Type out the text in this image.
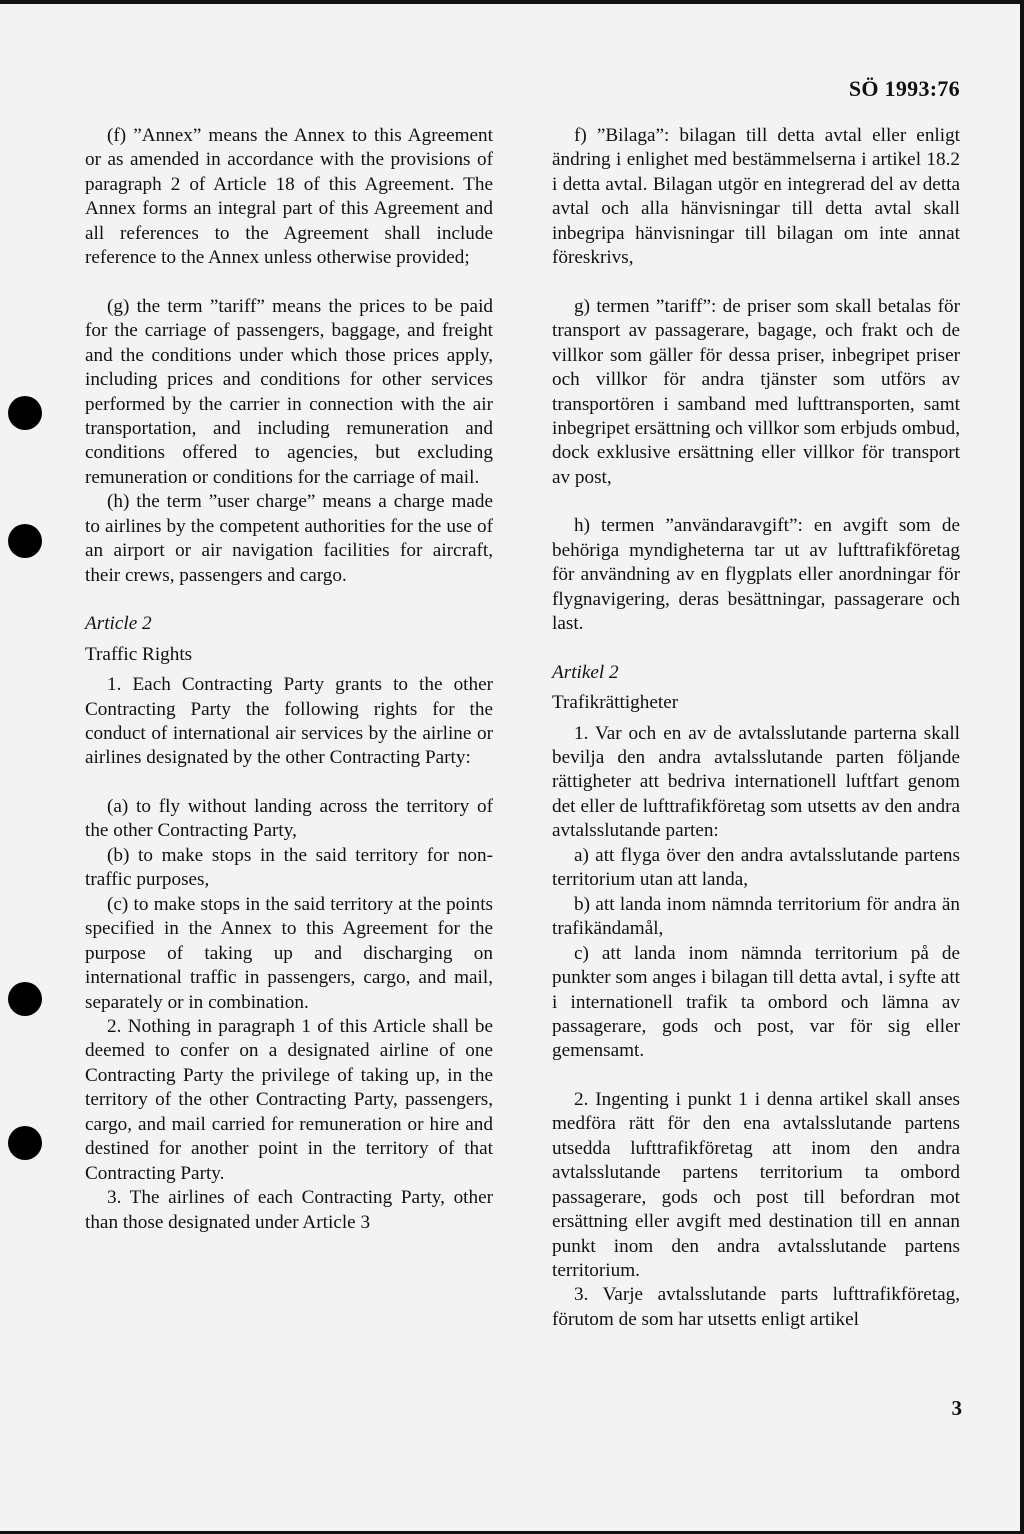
SÖ 1993:76

(f) ”Annex” means the Annex to this Agreement or as amended in accordance with the provisions of paragraph 2 of Article 18 of this Agreement. The Annex forms an integral part of this Agreement and all references to the Agreement shall include reference to the Annex unless otherwise provided;

(g) the term ”tariff” means the prices to be paid for the carriage of passengers, baggage, and freight and the conditions under which those prices apply, including prices and conditions for other services performed by the carrier in connection with the air transportation, and including remuneration and conditions offered to agencies, but excluding remuneration or conditions for the carriage of mail.

(h) the term ”user charge” means a charge made to airlines by the competent authorities for the use of an airport or air navigation facilities for aircraft, their crews, passengers and cargo.

Article 2

Traffic Rights

1. Each Contracting Party grants to the other Contracting Party the following rights for the conduct of international air services by the airline or airlines designated by the other Contracting Party:

(a) to fly without landing across the territory of the other Contracting Party,

(b) to make stops in the said territory for non-traffic purposes,

(c) to make stops in the said territory at the points specified in the Annex to this Agreement for the purpose of taking up and discharging on international traffic in passengers, cargo, and mail, separately or in combination.

2. Nothing in paragraph 1 of this Article shall be deemed to confer on a designated airline of one Contracting Party the privilege of taking up, in the territory of the other Contracting Party, passengers, cargo, and mail carried for remuneration or hire and destined for another point in the territory of that Contracting Party.

3. The airlines of each Contracting Party, other than those designated under Article 3

f) ”Bilaga”: bilagan till detta avtal eller enligt ändring i enlighet med bestämmelserna i artikel 18.2 i detta avtal. Bilagan utgör en integrerad del av detta avtal och alla hänvisningar till detta avtal skall inbegripa hänvisningar till bilagan om inte annat föreskrivs,

g) termen ”tariff”: de priser som skall betalas för transport av passagerare, bagage, och frakt och de villkor som gäller för dessa priser, inbegripet priser och villkor för andra tjänster som utförs av transportören i samband med lufttransporten, samt inbegripet ersättning och villkor som erbjuds ombud, dock exklusive ersättning eller villkor för transport av post,

h) termen ”användaravgift”: en avgift som de behöriga myndigheterna tar ut av lufttrafikföretag för användning av en flygplats eller anordningar för flygnavigering, deras besättningar, passagerare och last.

Artikel 2

Trafikrättigheter

1. Var och en av de avtalsslutande parterna skall bevilja den andra avtalsslutande parten följande rättigheter att bedriva internationell luftfart genom det eller de lufttrafikföretag som utsetts av den andra avtalsslutande parten:

a) att flyga över den andra avtalsslutande partens territorium utan att landa,

b) att landa inom nämnda territorium för andra än trafikändamål,

c) att landa inom nämnda territorium på de punkter som anges i bilagan till detta avtal, i syfte att i internationell trafik ta ombord och lämna av passagerare, gods och post, var för sig eller gemensamt.

2. Ingenting i punkt 1 i denna artikel skall anses medföra rätt för den ena avtalsslutande partens utsedda lufttrafikföretag att inom den andra avtalsslutande partens territorium ta ombord passagerare, gods och post till befordran mot ersättning eller avgift med destination till en annan punkt inom den andra avtalsslutande partens territorium.

3. Varje avtalsslutande parts lufttrafikföretag, förutom de som har utsetts enligt artikel

3
